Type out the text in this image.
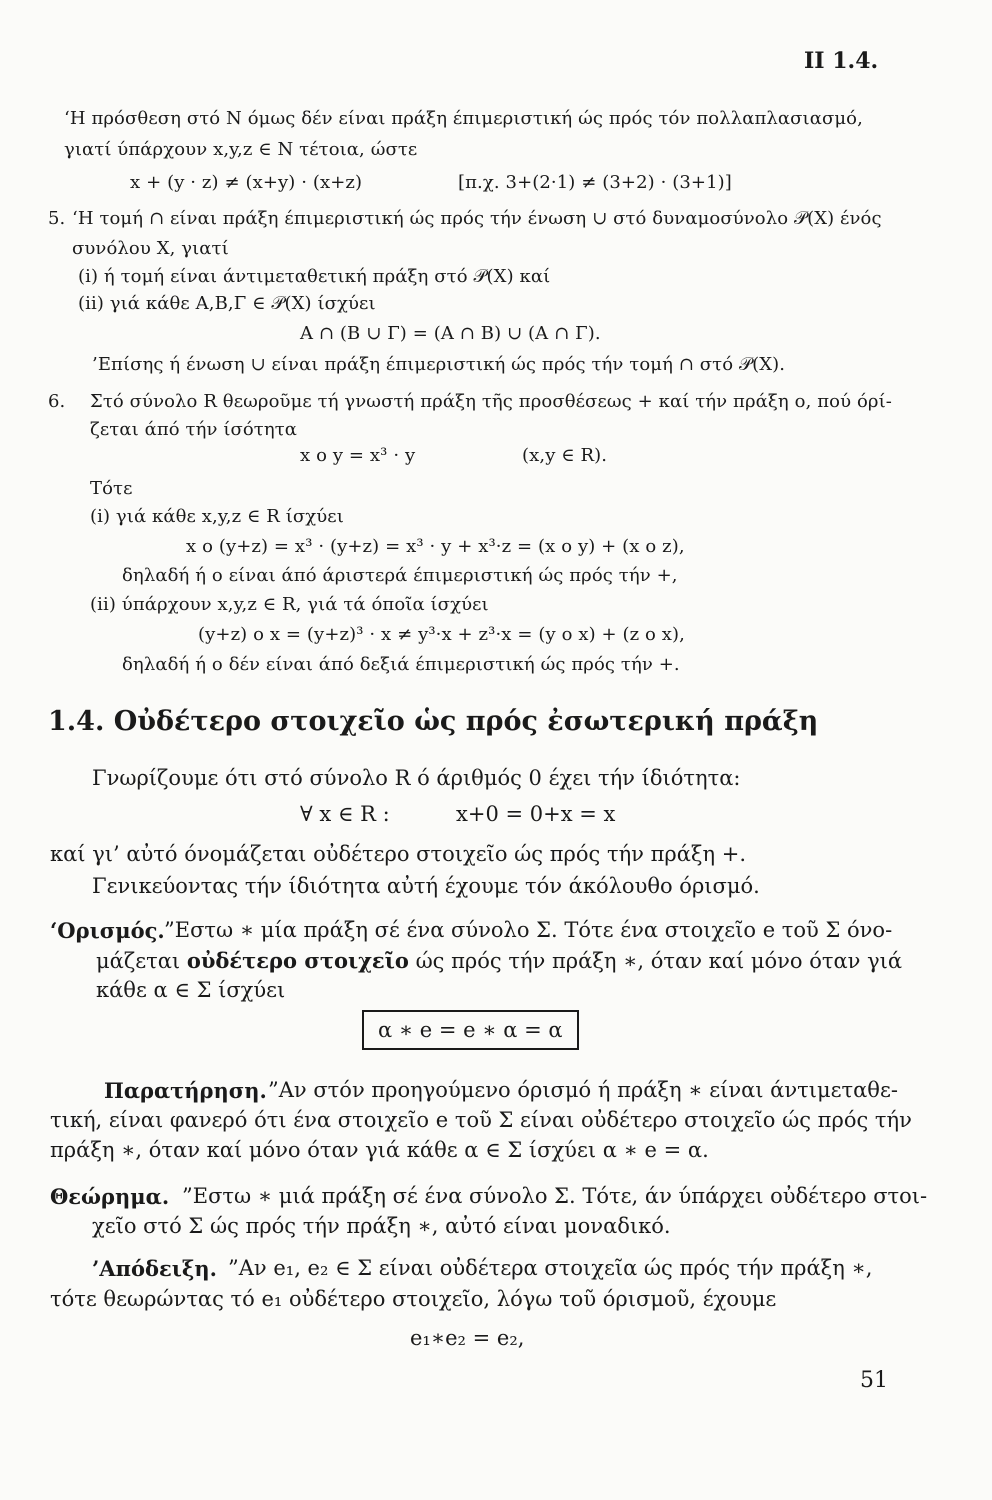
II 1.4.
‘Η πρόσθεση στό N όμως δέν είναι πράξη έπιμεριστική ώς πρός τόν πολλαπλασιασμό,
γιατί ύπάρχουν x,y,z ∈ N τέτοια, ώστε
x + (y · z) ≠ (x+y) · (x+z)	[π.χ. 3+(2·1) ≠ (3+2) · (3+1)]
5. ‘Η τομή ∩ είναι πράξη έπιμεριστική ώς πρός τήν ένωση ∪ στό δυναμοσύνολο 𝒫(X) ένός
συνόλου X, γιατί
(i) ή τομή είναι άντιμεταθετική πράξη στό 𝒫(X) καί
(ii) γιά κάθε A,B,Γ ∈ 𝒫(X) ίσχύει
A ∩ (B ∪ Γ) = (A ∩ B) ∪ (A ∩ Γ).
’Επίσης ή ένωση ∪ είναι πράξη έπιμεριστική ώς πρός τήν τομή ∩ στό 𝒫(X).
6. Στό σύνολο R θεωροῦμε τή γνωστή πράξη τῆς προσθέσεως + καί τήν πράξη ο, πού όρί-
ζεται άπό τήν ίσότητα
x ο y = x³ · y	(x,y ∈ R).
Τότε
(i) γιά κάθε x,y,z ∈ R ίσχύει
x ο (y+z) = x³ · (y+z) = x³ · y + x³·z = (x ο y) + (x ο z),
δηλαδή ή ο είναι άπό άριστερά έπιμεριστική ώς πρός τήν +,
(ii) ύπάρχουν x,y,z ∈ R, γιά τά όποῖα ίσχύει
(y+z) ο x = (y+z)³ · x ≠ y³·x + z³·x = (y ο x) + (z ο x),
δηλαδή ή ο δέν είναι άπό δεξιά έπιμεριστική ώς πρός τήν +.
1.4. Οὐδέτερο στοιχεῖο ὡς πρός ἐσωτερική πράξη
Γνωρίζουμε ότι στό σύνολο R ό άριθμός 0 έχει τήν ίδιότητα:
∀ x ∈ R :	x+0 = 0+x = x
καί γι’ αὐτό όνομάζεται οὐδέτερο στοιχεῖο ώς πρός τήν πράξη +.
Γενικεύοντας τήν ίδιότητα αὐτή έχουμε τόν άκόλουθο όρισμό.
‘Ορισμός. ”Εστω ∗ μία πράξη σέ ένα σύνολο Σ. Τότε ένα στοιχεῖο e τοῦ Σ όνο-
μάζεται οὐδέτερο στοιχεῖο ώς πρός τήν πράξη ∗, όταν καί μόνο όταν γιά
κάθε α ∈ Σ ίσχύει
α ∗ e = e ∗ α = α
Παρατήρηση. ”Αν στόν προηγούμενο όρισμό ή πράξη ∗ είναι άντιμεταθε-
τική, είναι φανερό ότι ένα στοιχεῖο e τοῦ Σ είναι οὐδέτερο στοιχεῖο ώς πρός τήν
πράξη ∗, όταν καί μόνο όταν γιά κάθε α ∈ Σ ίσχύει α ∗ e = α.
Θεώρημα. ”Εστω ∗ μιά πράξη σέ ένα σύνολο Σ. Τότε, άν ύπάρχει οὐδέτερο στοι-
χεῖο στό Σ ώς πρός τήν πράξη ∗, αὐτό είναι μοναδικό.
’Απόδειξη. ”Αν e₁, e₂ ∈ Σ είναι οὐδέτερα στοιχεῖα ώς πρός τήν πράξη ∗,
τότε θεωρώντας τό e₁ οὐδέτερο στοιχεῖο, λόγω τοῦ όρισμοῦ, έχουμε
e₁∗e₂ = e₂,
51
